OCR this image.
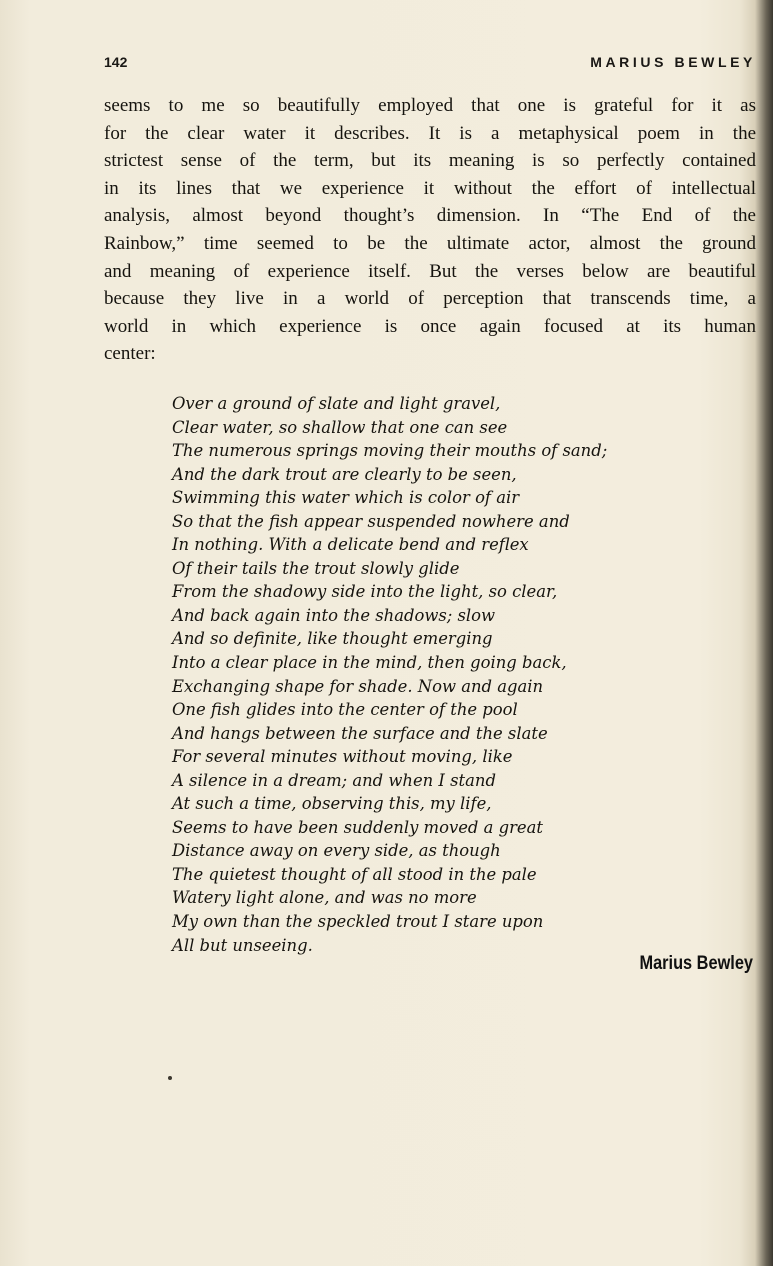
142	MARIUS BEWLEY
seems to me so beautifully employed that one is grateful for it as
for the clear water it describes. It is a metaphysical poem in the
strictest sense of the term, but its meaning is so perfectly contained
in its lines that we experience it without the effort of intellectual
analysis, almost beyond thought’s dimension. In “The End of the
Rainbow,” time seemed to be the ultimate actor, almost the ground
and meaning of experience itself. But the verses below are beautiful
because they live in a world of perception that transcends time, a
world in which experience is once again focused at its human
center:
Over a ground of slate and light gravel,
Clear water, so shallow that one can see
The numerous springs moving their mouths of sand;
And the dark trout are clearly to be seen,
Swimming this water which is color of air
So that the fish appear suspended nowhere and
In nothing. With a delicate bend and reflex
Of their tails the trout slowly glide
From the shadowy side into the light, so clear,
And back again into the shadows; slow
And so definite, like thought emerging
Into a clear place in the mind, then going back,
Exchanging shape for shade. Now and again
One fish glides into the center of the pool
And hangs between the surface and the slate
For several minutes without moving, like
A silence in a dream; and when I stand
At such a time, observing this, my life,
Seems to have been suddenly moved a great
Distance away on every side, as though
The quietest thought of all stood in the pale
Watery light alone, and was no more
My own than the speckled trout I stare upon
All but unseeing.
Marius Bewley
